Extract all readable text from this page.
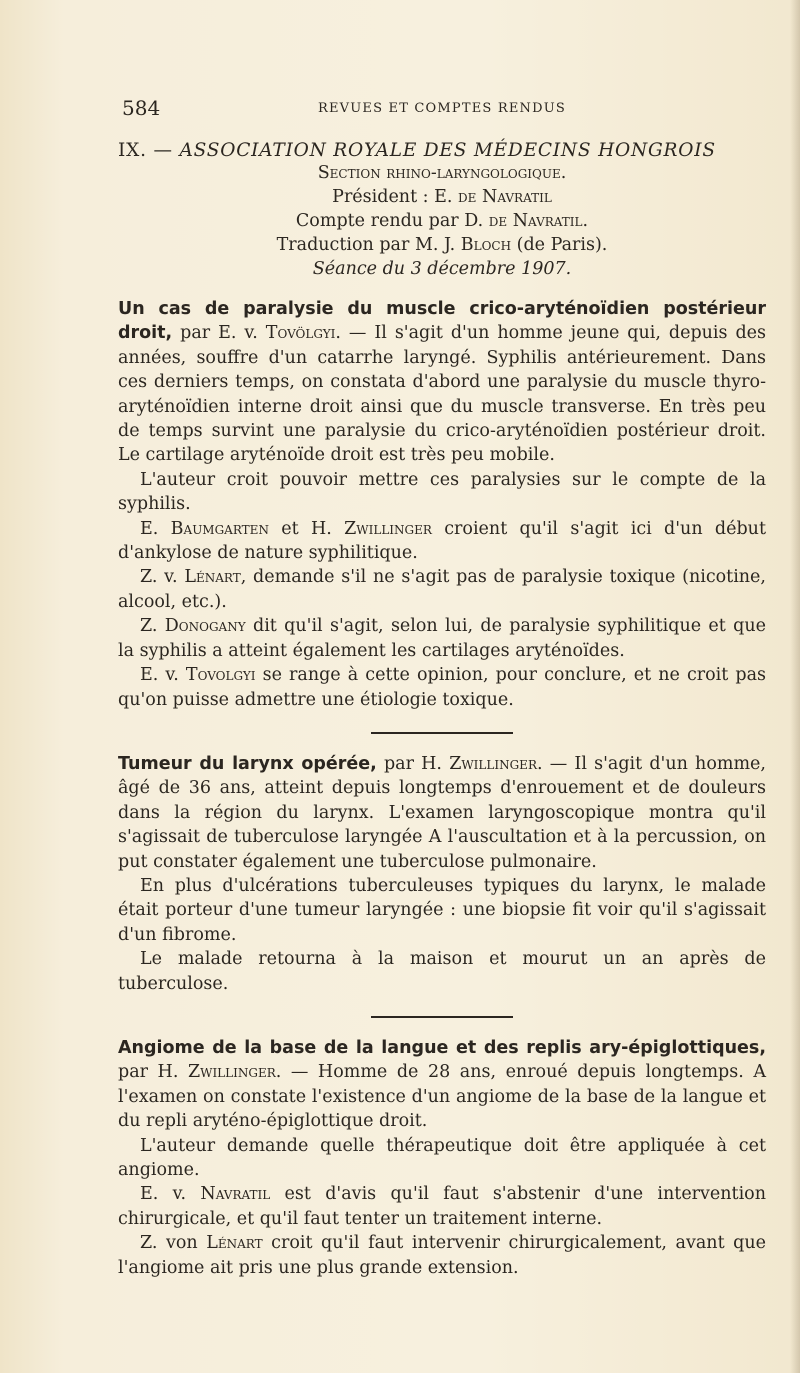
584	REVUES ET COMPTES RENDUS
IX. — ASSOCIATION ROYALE DES MÉDECINS HONGROIS
Section rhino-laryngologique.
Président : E. de Navratil
Compte rendu par D. de Navratil.
Traduction par M. J. Bloch (de Paris).
Séance du 3 décembre 1907.

Un cas de paralysie du muscle crico-aryténoïdien postérieur droit, par E. v. Tovölgyi. — Il s'agit d'un homme jeune qui, depuis des années, souffre d'un catarrhe laryngé. Syphilis antérieurement. Dans ces derniers temps, on constata d'abord une paralysie du muscle thyro-aryténoïdien interne droit ainsi que du muscle transverse. En très peu de temps survint une paralysie du crico-aryténoïdien postérieur droit. Le cartilage aryténoïde droit est très peu mobile.

L'auteur croit pouvoir mettre ces paralysies sur le compte de la syphilis.

E. Baumgarten et H. Zwillinger croient qu'il s'agit ici d'un début d'ankylose de nature syphilitique.

Z. v. Lénart, demande s'il ne s'agit pas de paralysie toxique (nicotine, alcool, etc.).

Z. Donogany dit qu'il s'agit, selon lui, de paralysie syphilitique et que la syphilis a atteint également les cartilages aryténoïdes.

E. v. Tovolgyi se range à cette opinion, pour conclure, et ne croit pas qu'on puisse admettre une étiologie toxique.

Tumeur du larynx opérée, par H. Zwillinger. — Il s'agit d'un homme, âgé de 36 ans, atteint depuis longtemps d'enrouement et de douleurs dans la région du larynx. L'examen laryngoscopique montra qu'il s'agissait de tuberculose laryngée A l'auscultation et à la percussion, on put constater également une tuberculose pulmonaire.

En plus d'ulcérations tuberculeuses typiques du larynx, le malade était porteur d'une tumeur laryngée : une biopsie fit voir qu'il s'agissait d'un fibrome.

Le malade retourna à la maison et mourut un an après de tuberculose.

Angiome de la base de la langue et des replis ary-épiglottiques, par H. Zwillinger. — Homme de 28 ans, enroué depuis longtemps. A l'examen on constate l'existence d'un angiome de la base de la langue et du repli aryténo-épiglottique droit.

L'auteur demande quelle thérapeutique doit être appliquée à cet angiome.

E. v. Navratil est d'avis qu'il faut s'abstenir d'une intervention chirurgicale, et qu'il faut tenter un traitement interne.

Z. von Lénart croit qu'il faut intervenir chirurgicalement, avant que l'angiome ait pris une plus grande extension.
